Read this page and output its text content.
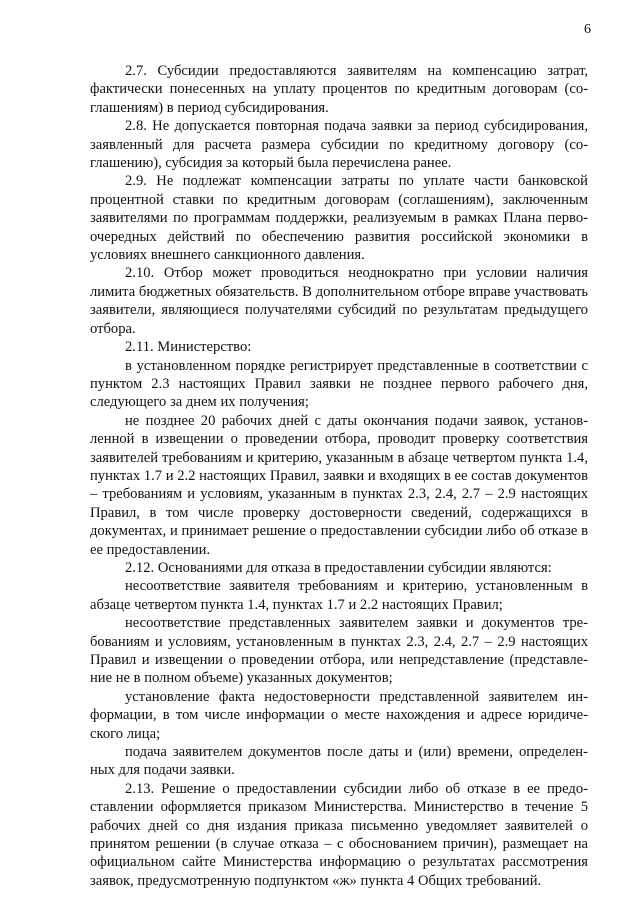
6

2.7. Субсидии предоставляются заявителям на компенсацию затрат, фактически понесенных на уплату процентов по кредитным договорам (соглашениям) в период субсидирования.

2.8. Не допускается повторная подача заявки за период субсидирования, заявленный для расчета размера субсидии по кредитному договору (соглашению), субсидия за который была перечислена ранее.

2.9. Не подлежат компенсации затраты по уплате части банковской процентной ставки по кредитным договорам (соглашениям), заключенным заявителями по программам поддержки, реализуемым в рамках Плана первоочередных действий по обеспечению развития российской экономики в условиях внешнего санкционного давления.

2.10. Отбор может проводиться неоднократно при условии наличия лимита бюджетных обязательств. В дополнительном отборе вправе участвовать заявители, являющиеся получателями субсидий по результатам предыдущего отбора.

2.11. Министерство:

в установленном порядке регистрирует представленные в соответствии с пунктом 2.3 настоящих Правил заявки не позднее первого рабочего дня, следующего за днем их получения;

не позднее 20 рабочих дней с даты окончания подачи заявок, установленной в извещении о проведении отбора, проводит проверку соответствия заявителей требованиям и критерию, указанным в абзаце четвертом пункта 1.4, пунктах 1.7 и 2.2 настоящих Правил, заявки и входящих в ее состав документов – требованиям и условиям, указанным в пунктах 2.3, 2.4, 2.7 – 2.9 настоящих Правил, в том числе проверку достоверности сведений, содержащихся в документах, и принимает решение о предоставлении субсидии либо об отказе в ее предоставлении.

2.12. Основаниями для отказа в предоставлении субсидии являются:

несоответствие заявителя требованиям и критерию, установленным в абзаце четвертом пункта 1.4, пунктах 1.7 и 2.2 настоящих Правил;

несоответствие представленных заявителем заявки и документов требованиям и условиям, установленным в пунктах 2.3, 2.4, 2.7 – 2.9 настоящих Правил и извещении о проведении отбора, или непредставление (представление не в полном объеме) указанных документов;

установление факта недостоверности представленной заявителем информации, в том числе информации о месте нахождения и адресе юридического лица;

подача заявителем документов после даты и (или) времени, определенных для подачи заявки.

2.13. Решение о предоставлении субсидии либо об отказе в ее предоставлении оформляется приказом Министерства. Министерство в течение 5 рабочих дней со дня издания приказа письменно уведомляет заявителей о принятом решении (в случае отказа – с обоснованием причин), размещает на официальном сайте Министерства информацию о результатах рассмотрения заявок, предусмотренную подпунктом «ж» пункта 4 Общих требований.
